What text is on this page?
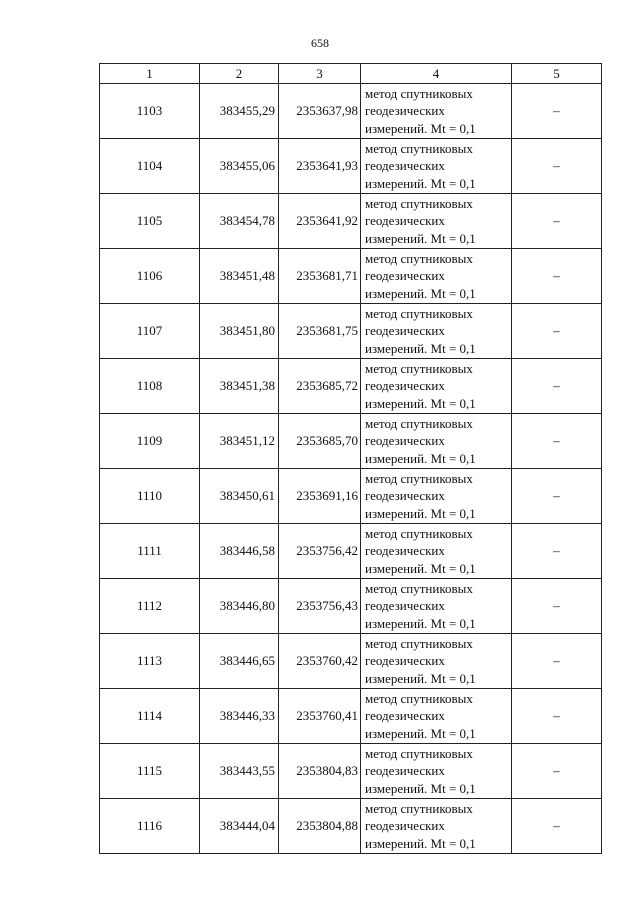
658
1	2	3	4	5
1103	383455,29	2353637,98	метод спутниковых
геодезических
измерений. Mt = 0,1	–
1104	383455,06	2353641,93	метод спутниковых
геодезических
измерений. Mt = 0,1	–
1105	383454,78	2353641,92	метод спутниковых
геодезических
измерений. Mt = 0,1	–
1106	383451,48	2353681,71	метод спутниковых
геодезических
измерений. Mt = 0,1	–
1107	383451,80	2353681,75	метод спутниковых
геодезических
измерений. Mt = 0,1	–
1108	383451,38	2353685,72	метод спутниковых
геодезических
измерений. Mt = 0,1	–
1109	383451,12	2353685,70	метод спутниковых
геодезических
измерений. Mt = 0,1	–
1110	383450,61	2353691,16	метод спутниковых
геодезических
измерений. Mt = 0,1	–
1111	383446,58	2353756,42	метод спутниковых
геодезических
измерений. Mt = 0,1	–
1112	383446,80	2353756,43	метод спутниковых
геодезических
измерений. Mt = 0,1	–
1113	383446,65	2353760,42	метод спутниковых
геодезических
измерений. Mt = 0,1	–
1114	383446,33	2353760,41	метод спутниковых
геодезических
измерений. Mt = 0,1	–
1115	383443,55	2353804,83	метод спутниковых
геодезических
измерений. Mt = 0,1	–
1116	383444,04	2353804,88	метод спутниковых
геодезических
измерений. Mt = 0,1	–
